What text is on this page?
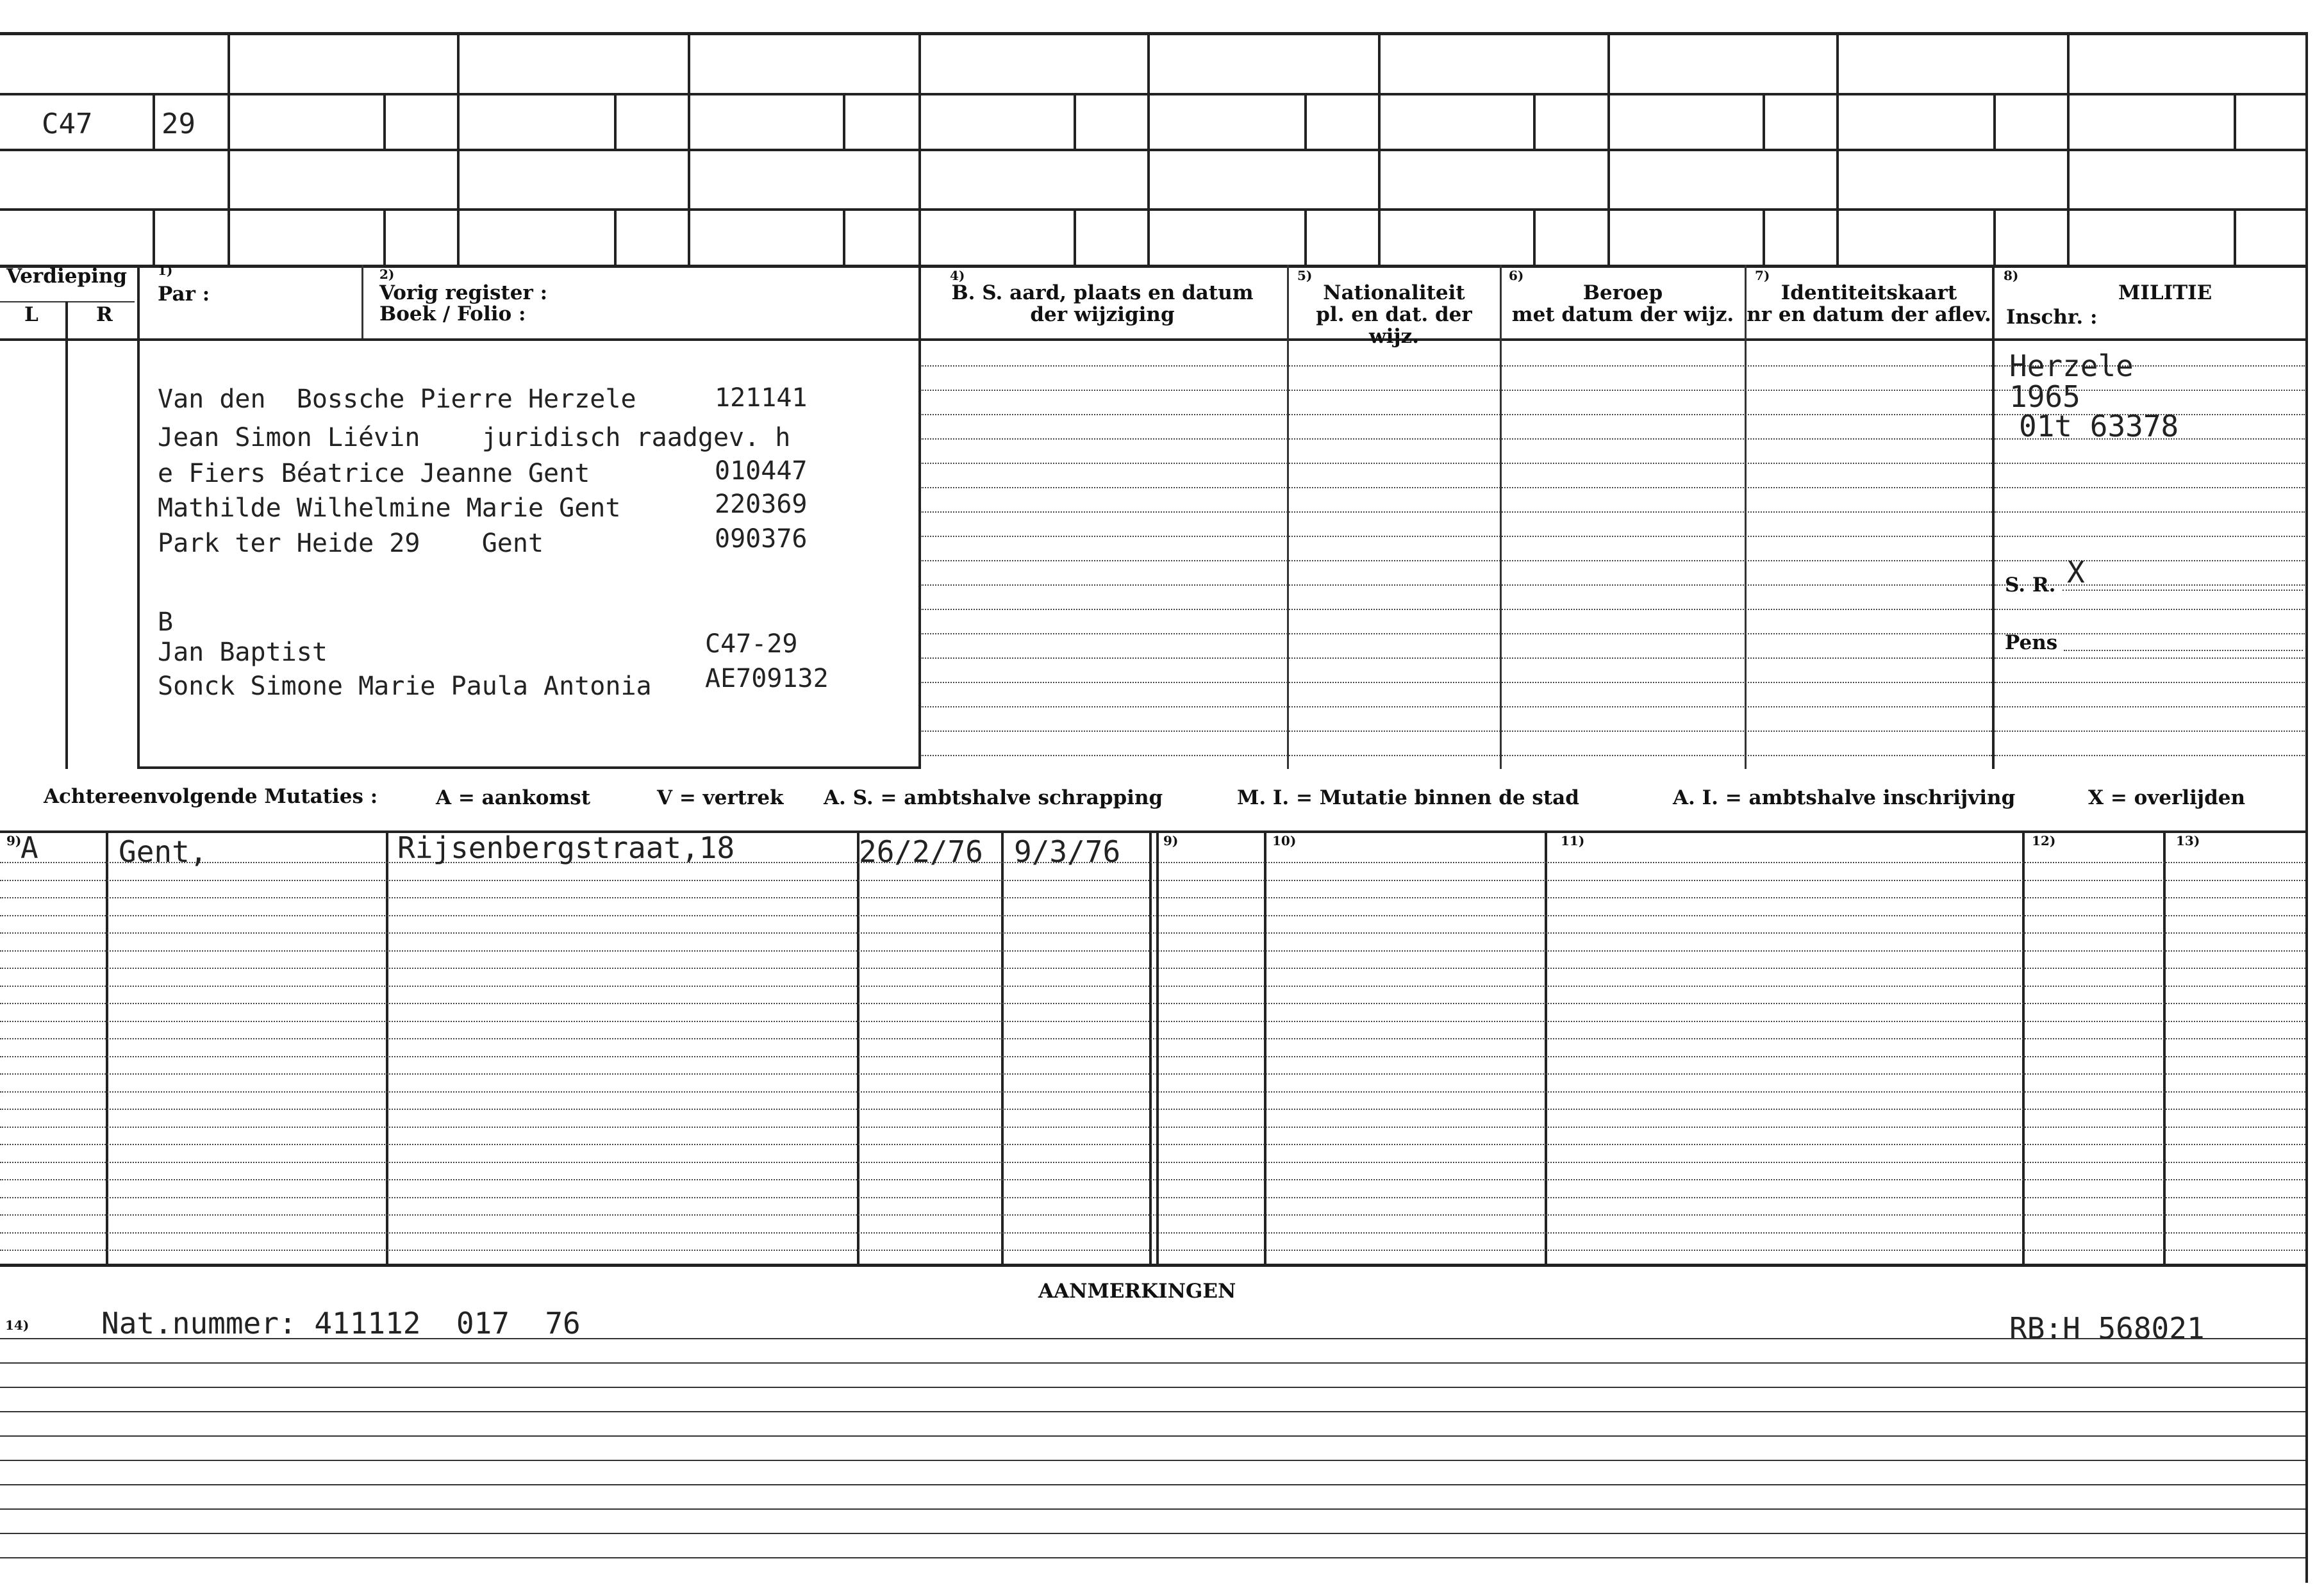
C47 29
Verdieping
L	R
1)
Par :
2)
Vorig register :
Boek / Folio :
4)
B. S. aard, plaats en datum
der wijziging
5)
Nationaliteit
pl. en dat. der wijz.
6)
Beroep
met datum der wijz.
7)
Identiteitskaart
nr en datum der aflev.
8)
MILITIE
Inschr. :
Van den  Bossche Pierre Herzele	121141
Jean Simon Liévin    juridisch raadgev. h
e Fiers Béatrice Jeanne Gent	010447
Mathilde Wilhelmine Marie Gent	220369
Park ter Heide 29    Gent	090376
B
Jan Baptist	C47-29
Sonck Simone Marie Paula Antonia AE709132
Herzele
1965
01t 63378
S. R. X
Pens
Achtereenvolgende Mutaties :	A = aankomst	V = vertrek A. S. = ambtshalve schrapping	M. I. = Mutatie binnen de stad	A. I. = ambtshalve inschrijving	X = overlijden
9)	9)	10)	11)	12)	13)
A	Gent,	Rijsenbergstraat,18	26/2/76 9/3/76
AANMERKINGEN
14) Nat.nummer: 411112  017  76	RB:H 568021
